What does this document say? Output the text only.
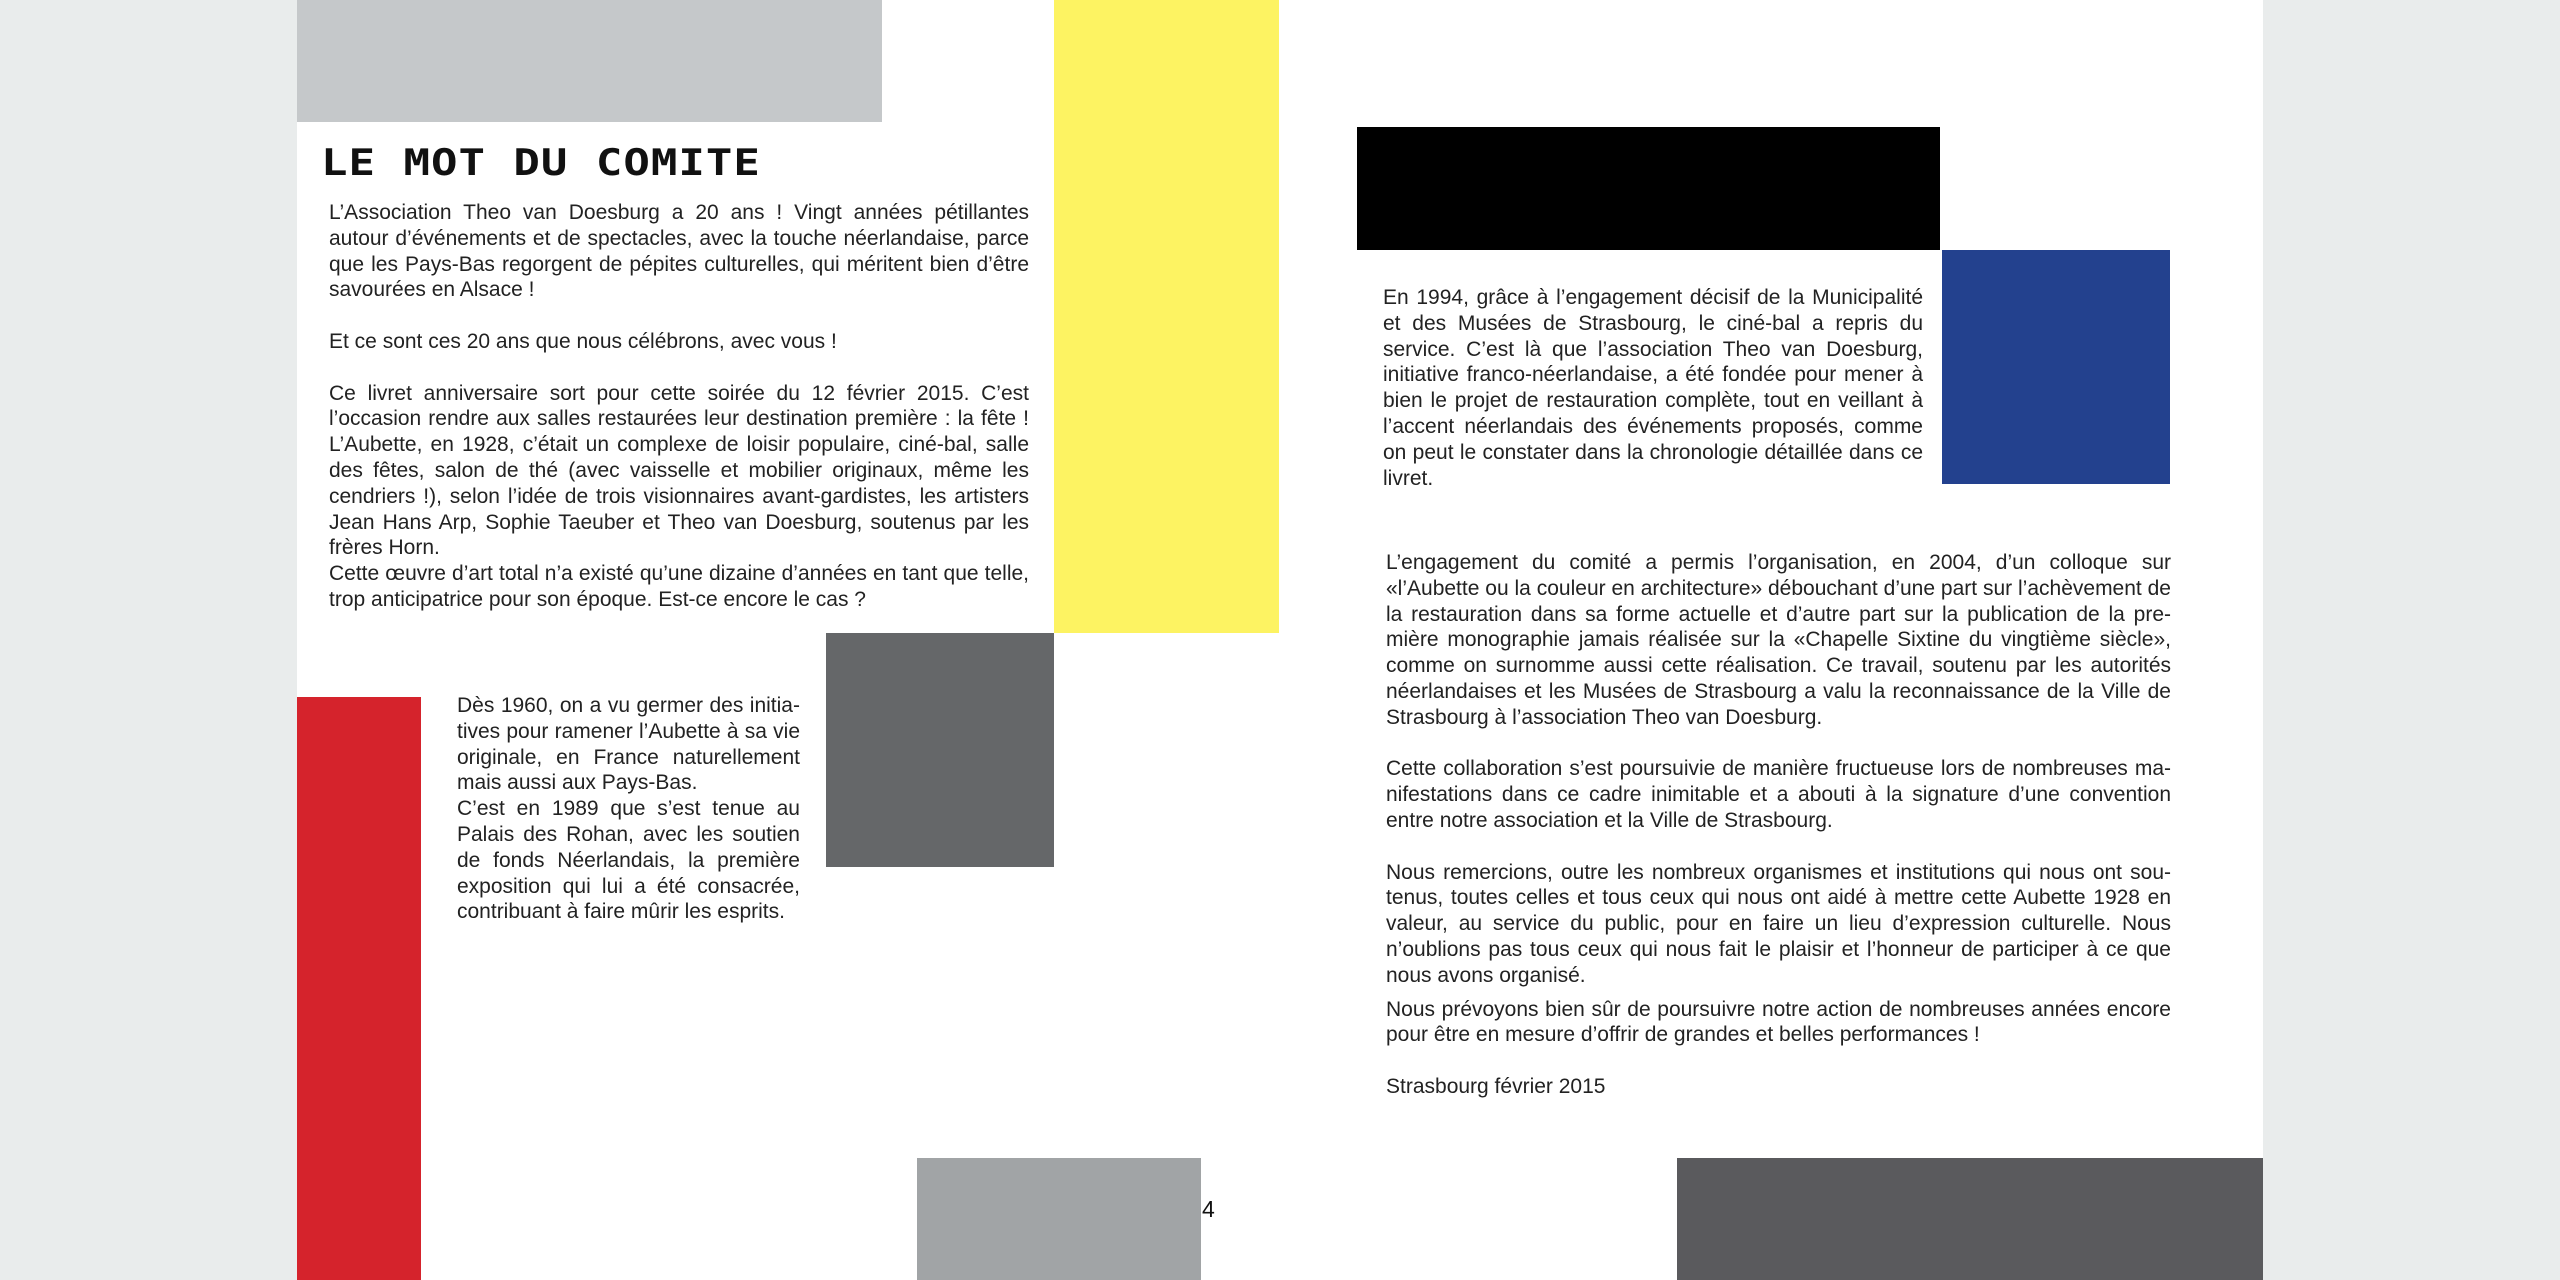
LE MOT DU COMITE

L’Association Theo van Doesburg a 20 ans ! Vingt années pétillantes autour d’événements et de spectacles, avec la touche néerlandaise, parce que les Pays-Bas regorgent de pépites culturelles, qui méritent bien d’être savourées en Alsace !

Et ce sont ces 20 ans que nous célébrons, avec vous !

Ce livret anniversaire sort pour cette soirée du 12 février 2015. C’est l’occasion rendre aux salles restaurées leur destination première : la fête ! L’Aubette, en 1928, c’était un complexe de loisir populaire, ciné-bal, salle des fêtes, salon de thé (avec vaisselle et mobilier originaux, même les cendriers !), selon l’idée de trois visionnaires avant-gardistes, les artisters Jean Hans Arp, Sophie Taeuber et Theo van Doesburg, soutenus par les frères Horn.

Cette œuvre d’art total n’a existé qu’une dizaine d’années en tant que telle, trop anticipatrice pour son époque. Est-ce encore le cas ?

Dès 1960, on a vu germer des initiatives pour ramener l’Aubette à sa vie originale, en France naturellement mais aussi aux Pays-Bas.

C’est en 1989 que s’est tenue au Palais des Rohan, avec les soutien de fonds Néerlandais, la première exposition qui lui a été consacrée, contribuant à faire mûrir les esprits.

En 1994, grâce à l’engagement décisif de la Municipalité et des Musées de Strasbourg, le ciné-bal a repris du service. C’est là que l’association Theo van Doesburg, initiative franco-néerlandaise, a été fondée pour mener à bien le projet de restauration complète, tout en veillant à l’accent néerlandais des événements proposés, comme on peut le constater dans la chronologie détaillée dans ce livret.

L’engagement du comité a permis l’organisation, en 2004, d’un colloque sur «l’Aubette ou la couleur en architecture» débouchant d’une part sur l’achèvement de la restauration dans sa forme actuelle et d’autre part sur la publication de la première monographie jamais réalisée sur la «Chapelle Sixtine du vingtième siècle», comme on surnomme aussi cette réalisation. Ce travail, soutenu par les autorités néerlandaises et les Musées de Strasbourg a valu la reconnaissance de la Ville de Strasbourg à l’association Theo van Doesburg.

Cette collaboration s’est poursuivie de manière fructueuse lors de nombreuses manifestations dans ce cadre inimitable et a abouti à la signature d’une convention entre notre association et la Ville de Strasbourg.

Nous remercions, outre les nombreux organismes et institutions qui nous ont soutenus, toutes celles et tous ceux qui nous ont aidé à mettre cette Aubette 1928 en valeur, au service du public, pour en faire un lieu d’expression culturelle. Nous n’oublions pas tous ceux qui nous fait le plaisir et l’honneur de participer à ce que nous avons organisé.

Nous prévoyons bien sûr de poursuivre notre action de nombreuses années encore pour être en mesure d’offrir de grandes et belles performances !

Strasbourg février 2015

4
